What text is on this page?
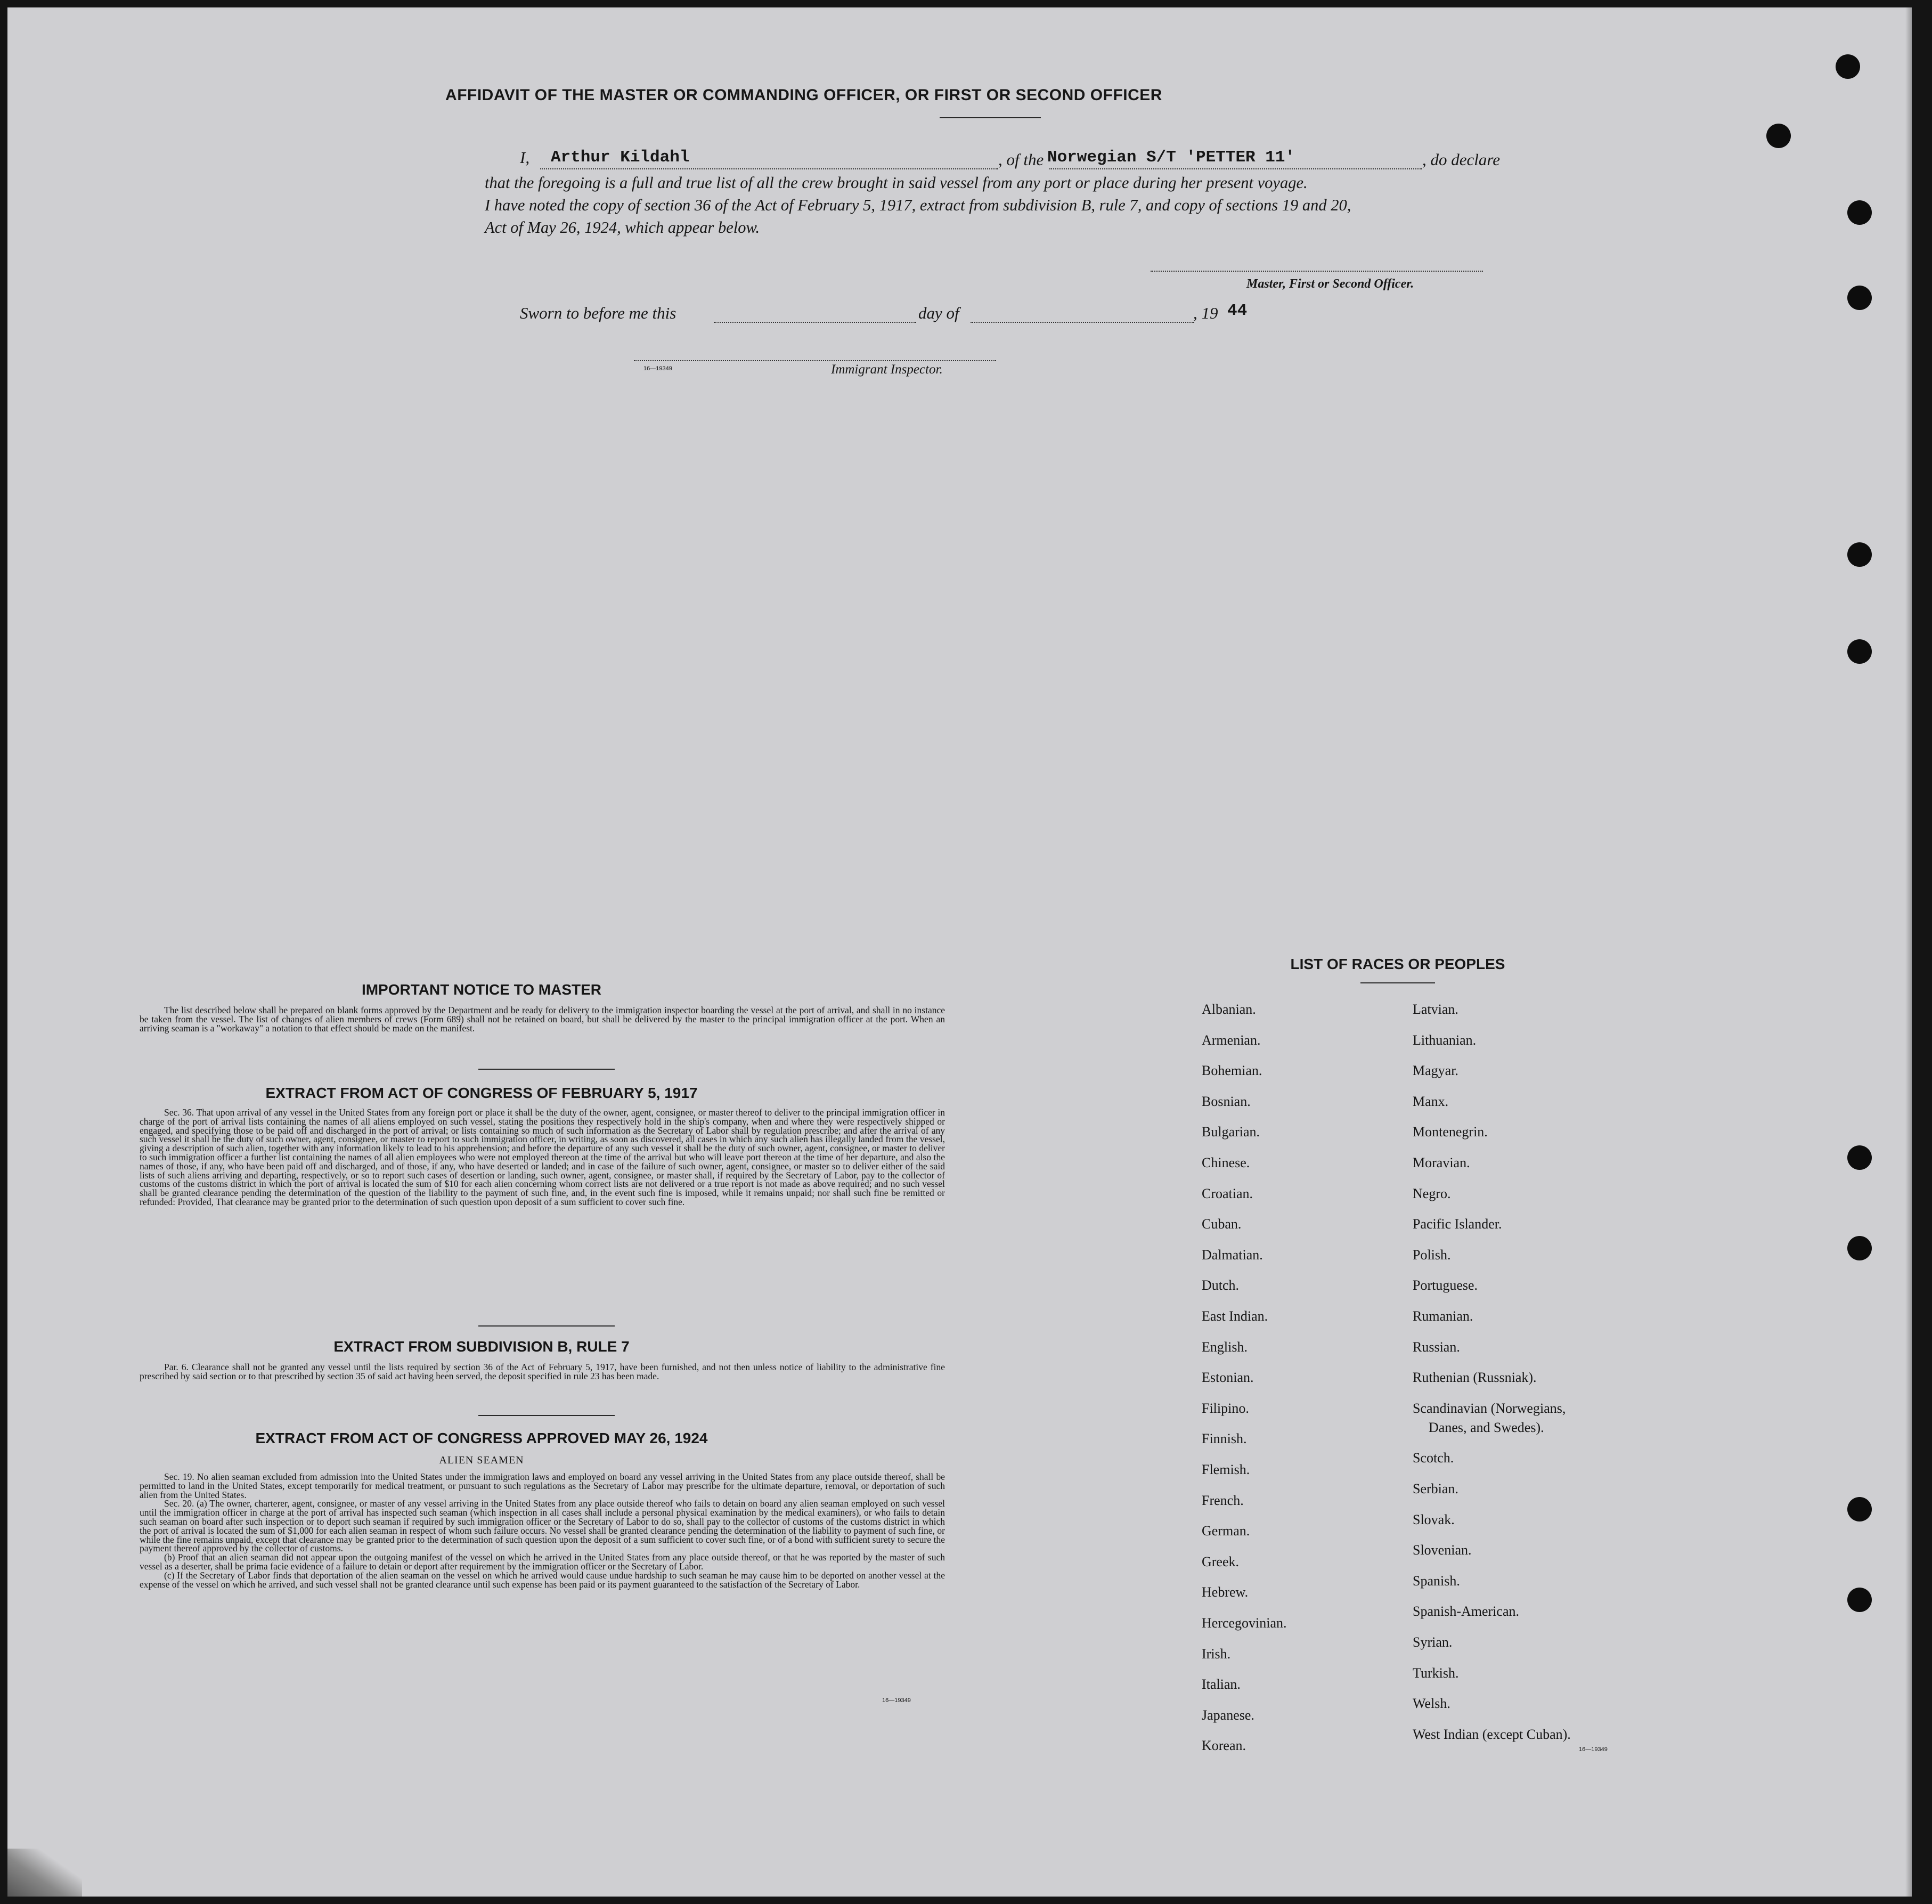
AFFIDAVIT OF THE MASTER OR COMMANDING OFFICER, OR FIRST OR SECOND OFFICER
I, Arthur Kildahl	, of the Norwegian S/T 'PETTER 11'	, do declare
that the foregoing is a full and true list of all the crew brought in said vessel from any port or place during her present voyage.
I have noted the copy of section 36 of the Act of February 5, 1917, extract from subdivision B, rule 7, and copy of sections 19 and 20,
Act of May 26, 1924, which appear below.
Master, First or Second Officer.
Sworn to before me this	day of	, 19 44
16—19349	Immigrant Inspector.
IMPORTANT NOTICE TO MASTER

The list described below shall be prepared on blank forms approved by the Department and be ready for delivery to the immigration inspector boarding the vessel at the port of arrival, and shall in no instance be taken from the vessel. The list of changes of alien members of crews (Form 689) shall not be retained on board, but shall be delivered by the master to the principal immigration officer at the port. When an arriving seaman is a "workaway" a notation to that effect should be made on the manifest.

EXTRACT FROM ACT OF CONGRESS OF FEBRUARY 5, 1917

Sec. 36. That upon arrival of any vessel in the United States from any foreign port or place it shall be the duty of the owner, agent, consignee, or master thereof to deliver to the principal immigration officer in charge of the port of arrival lists containing the names of all aliens employed on such vessel, stating the positions they respectively hold in the ship's company, when and where they were respectively shipped or engaged, and specifying those to be paid off and discharged in the port of arrival; or lists containing so much of such information as the Secretary of Labor shall by regulation prescribe; and after the arrival of any such vessel it shall be the duty of such owner, agent, consignee, or master to report to such immigration officer, in writing, as soon as discovered, all cases in which any such alien has illegally landed from the vessel, giving a description of such alien, together with any information likely to lead to his apprehension; and before the departure of any such vessel it shall be the duty of such owner, agent, consignee, or master to deliver to such immigration officer a further list containing the names of all alien employees who were not employed thereon at the time of the arrival but who will leave port thereon at the time of her departure, and also the names of those, if any, who have been paid off and discharged, and of those, if any, who have deserted or landed; and in case of the failure of such owner, agent, consignee, or master so to deliver either of the said lists of such aliens arriving and departing, respectively, or so to report such cases of desertion or landing, such owner, agent, consignee, or master shall, if required by the Secretary of Labor, pay to the collector of customs of the customs district in which the port of arrival is located the sum of $10 for each alien concerning whom correct lists are not delivered or a true report is not made as above required; and no such vessel shall be granted clearance pending the determination of the question of the liability to the payment of such fine, and, in the event such fine is imposed, while it remains unpaid; nor shall such fine be remitted or refunded: Provided, That clearance may be granted prior to the determination of such question upon deposit of a sum sufficient to cover such fine.

EXTRACT FROM SUBDIVISION B, RULE 7

Par. 6. Clearance shall not be granted any vessel until the lists required by section 36 of the Act of February 5, 1917, have been furnished, and not then unless notice of liability to the administrative fine prescribed by said section or to that prescribed by section 35 of said act having been served, the deposit specified in rule 23 has been made.

EXTRACT FROM ACT OF CONGRESS APPROVED MAY 26, 1924
ALIEN SEAMEN

Sec. 19. No alien seaman excluded from admission into the United States under the immigration laws and employed on board any vessel arriving in the United States from any place outside thereof, shall be permitted to land in the United States, except temporarily for medical treatment, or pursuant to such regulations as the Secretary of Labor may prescribe for the ultimate departure, removal, or deportation of such alien from the United States.

Sec. 20. (a) The owner, charterer, agent, consignee, or master of any vessel arriving in the United States from any place outside thereof who fails to detain on board any alien seaman employed on such vessel until the immigration officer in charge at the port of arrival has inspected such seaman (which inspection in all cases shall include a personal physical examination by the medical examiners), or who fails to detain such seaman on board after such inspection or to deport such seaman if required by such immigration officer or the Secretary of Labor to do so, shall pay to the collector of customs of the customs district in which the port of arrival is located the sum of $1,000 for each alien seaman in respect of whom such failure occurs. No vessel shall be granted clearance pending the determination of the liability to payment of such fine, or while the fine remains unpaid, except that clearance may be granted prior to the determination of such question upon the deposit of a sum sufficient to cover such fine, or of a bond with sufficient surety to secure the payment thereof approved by the collector of customs.

(b) Proof that an alien seaman did not appear upon the outgoing manifest of the vessel on which he arrived in the United States from any place outside thereof, or that he was reported by the master of such vessel as a deserter, shall be prima facie evidence of a failure to detain or deport after requirement by the immigration officer or the Secretary of Labor.

(c) If the Secretary of Labor finds that deportation of the alien seaman on the vessel on which he arrived would cause undue hardship to such seaman he may cause him to be deported on another vessel at the expense of the vessel on which he arrived, and such vessel shall not be granted clearance until such expense has been paid or its payment guaranteed to the satisfaction of the Secretary of Labor.

16—19349
LIST OF RACES OR PEOPLES
Albanian.
Armenian.
Bohemian.
Bosnian.
Bulgarian.
Chinese.
Croatian.
Cuban.
Dalmatian.
Dutch.
East Indian.
English.
Estonian.
Filipino.
Finnish.
Flemish.
French.
German.
Greek.
Hebrew.
Hercegovinian.
Irish.
Italian.
Japanese.
Korean.
Latvian.
Lithuanian.
Magyar.
Manx.
Montenegrin.
Moravian.
Negro.
Pacific Islander.
Polish.
Portuguese.
Rumanian.
Russian.
Ruthenian (Russniak).
Scandinavian (Norwegians,
Danes, and Swedes).
Scotch.
Serbian.
Slovak.
Slovenian.
Spanish.
Spanish-American.
Syrian.
Turkish.
Welsh.
West Indian (except Cuban).
16—19349
